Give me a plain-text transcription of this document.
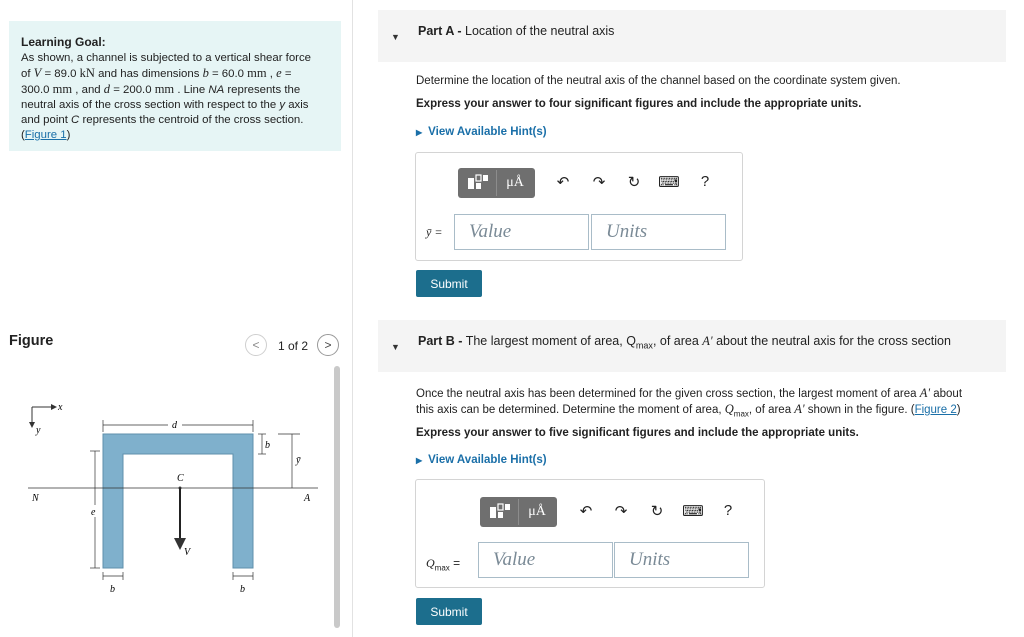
Learning Goal:
As shown, a channel is subjected to a vertical shear force
of V = 89.0 kN and has dimensions b = 60.0 mm , e =
300.0 mm , and d = 200.0 mm . Line NA represents the
neutral axis of the cross section with respect to the y axis
and point C represents the centroid of the cross section.
(Figure 1)
Figure	<	1 of 2	>
x
y	d
b
ȳ
N	A
C
V
e
b	b
▼ Part A - Location of the neutral axis
Determine the location of the neutral axis of the channel based on the coordinate system given.
Express your answer to four significant figures and include the appropriate units.
▶ View Available Hint(s)
μÅ	↶	↷	↻	⌨	?
ȳ =	Value	Units
Submit
▼ Part B - The largest moment of area, $Q_{max}$, of area A' about the neutral axis for the cross section
Once the neutral axis has been determined for the given cross section, the largest moment of area A' about
this axis can be determined. Determine the moment of area, $Q_{max}$, of area A' shown in the figure. (Figure 2)
Express your answer to five significant figures and include the appropriate units.
▶ View Available Hint(s)
μÅ	↶	↷	↻	⌨	?
$Q_{max}$ =	Value	Units
Submit
